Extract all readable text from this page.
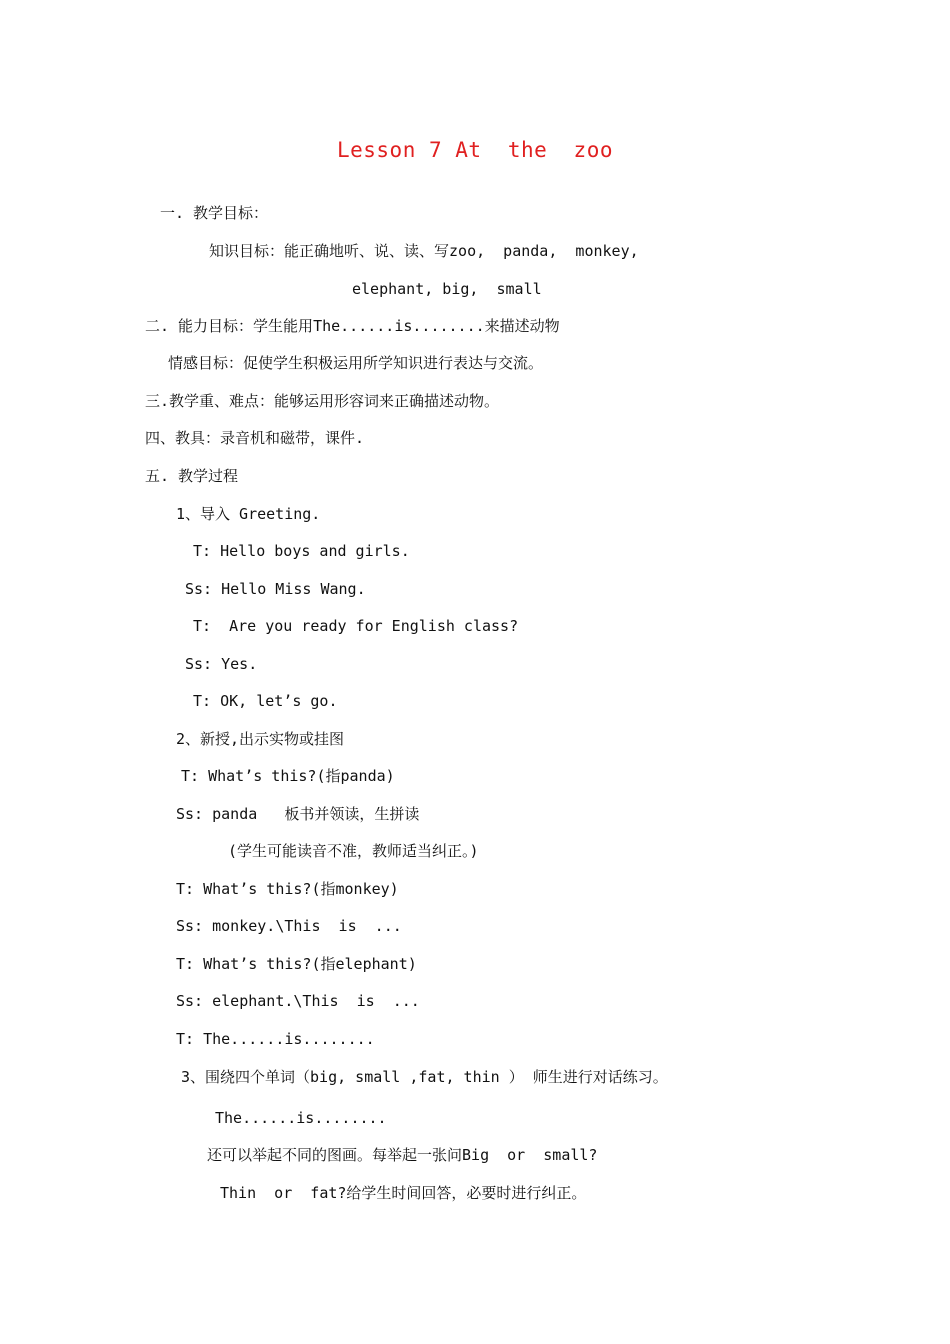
Lesson 7 At  the  zoo
一. 教学目标：
知识目标：能正确地听、说、读、写zoo,  panda,  monkey,
elephant, big,  small
二. 能力目标：学生能用The......is........来描述动物
情感目标：促使学生积极运用所学知识进行表达与交流。
三.教学重、难点：能够运用形容词来正确描述动物。
四、教具：录音机和磁带，课件.
五. 教学过程
1、导入 Greeting.
T: Hello boys and girls.
Ss: Hello Miss Wang.
T:  Are you ready for English class?
Ss: Yes.
T: OK, let’s go.
2、新授,出示实物或挂图
T: What’s this?(指panda)
Ss: panda   板书并领读，生拼读
(学生可能读音不准，教师适当纠正。)
T: What’s this?(指monkey)
Ss: monkey.\This  is  ...
T: What’s this?(指elephant)
Ss: elephant.\This  is  ...
T: The......is........
3、围绕四个单词（big, small ,fat, thin ） 师生进行对话练习。
The......is........
还可以举起不同的图画。每举起一张问Big  or  small?
Thin  or  fat?给学生时间回答，必要时进行纠正。
